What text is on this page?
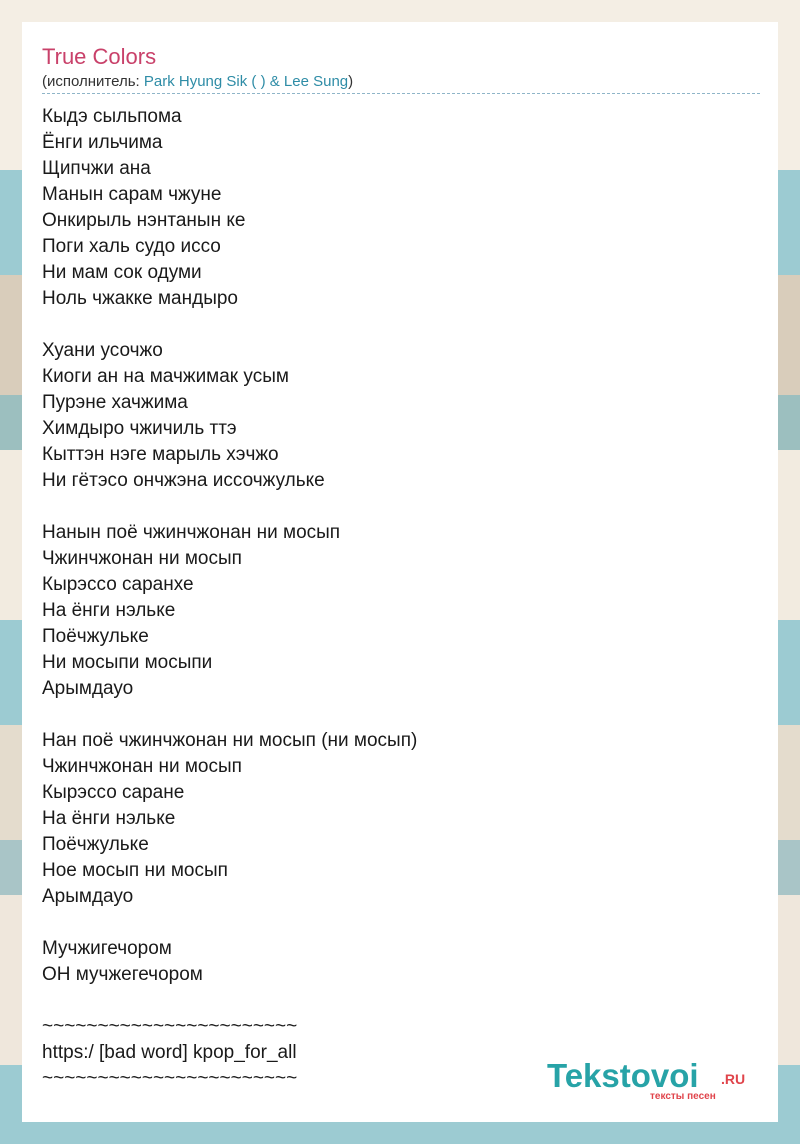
True Colors
(исполнитель: Park Hyung Sik ( ) & Lee Sung)
Кыдэ сыльпома
Ёнги ильчима
Щипчжи ана
Манын сарам чжуне
Онкирыль нэнтанын ке
Поги халь судо иссо
Ни мам сок одуми
Ноль чжакке мандыро
Хуани усочжо
Киоги ан на мачжимак усым
Пурэне хачжима
Химдыро чжичиль ттэ
Кыттэн нэге марыль хэчжо
Ни гётэсо ончжэна иссочжульке
Нанын поё чжинчжонан ни мосып
Чжинчжонан ни мосып
Кырэссо саранхе
На ёнги нэльке
Поёчжульке
Ни мосыпи мосыпи
Арымдауо
Нан поё чжинчжонан ни мосып (ни мосып)
Чжинчжонан ни мосып
Кырэссо саране
На ёнги нэльке
Поёчжульке
Ное мосып ни мосып
Арымдауо
Мучжигечором
ОН мучжегечором
~~~~~~~~~~~~~~~~~~~~~~~
https:/ [bad word] kpop_for_all
~~~~~~~~~~~~~~~~~~~~~~~	Tekstovoi .RU
тексты песен
